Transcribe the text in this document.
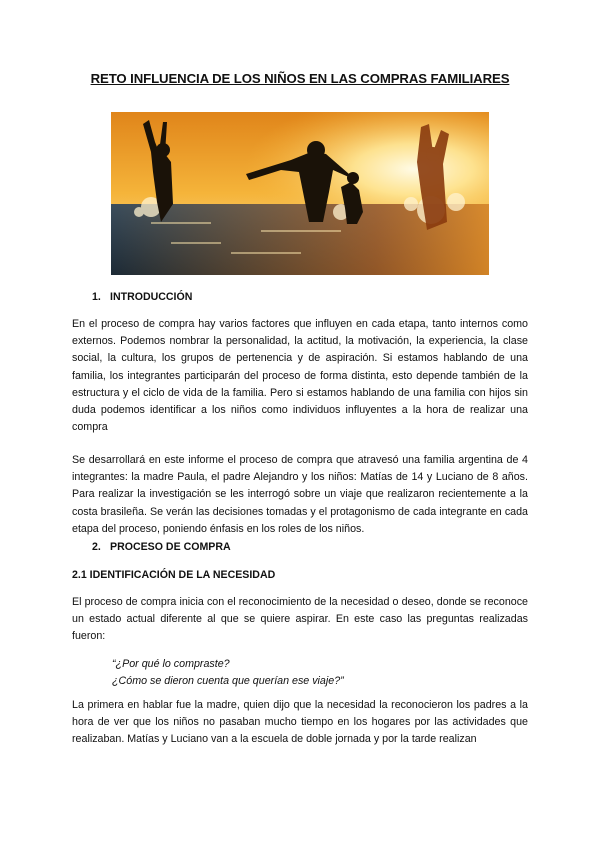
RETO INFLUENCIA DE LOS NIÑOS EN LAS COMPRAS FAMILIARES
1. INTRODUCCIÓN

En el proceso de compra hay varios factores que influyen en cada etapa, tanto internos como externos. Podemos nombrar la personalidad, la actitud, la motivación, la experiencia, la clase social, la cultura, los grupos de pertenencia y de aspiración. Si estamos hablando de una familia, los integrantes participarán del proceso de forma distinta, esto depende también de la estructura y el ciclo de vida de la familia. Pero si estamos hablando de una familia con hijos sin duda podemos identificar a los niños como individuos influyentes a la hora de realizar una compra

Se desarrollará en este informe el proceso de compra que atravesó una familia argentina de 4 integrantes: la madre Paula, el padre Alejandro y los niños: Matías de 14 y Luciano de 8 años. Para realizar la investigación se les interrogó sobre un viaje que realizaron recientemente a la costa brasileña. Se verán las decisiones tomadas y el protagonismo de cada integrante en cada etapa del proceso, poniendo énfasis en los roles de los niños.

2. PROCESO DE COMPRA
2.1 IDENTIFICACIÓN DE LA NECESIDAD

El proceso de compra inicia con el reconocimiento de la necesidad o deseo, donde se reconoce un estado actual diferente al que se quiere aspirar. En este caso las preguntas realizadas fueron:

“¿Por qué lo compraste?
¿Cómo se dieron cuenta que querían ese viaje?”

La primera en hablar fue la madre, quien dijo que la necesidad la reconocieron los padres a la hora de ver que los niños no pasaban mucho tiempo en los hogares por las actividades que realizaban. Matías y Luciano van a la escuela de doble jornada y por la tarde realizan
